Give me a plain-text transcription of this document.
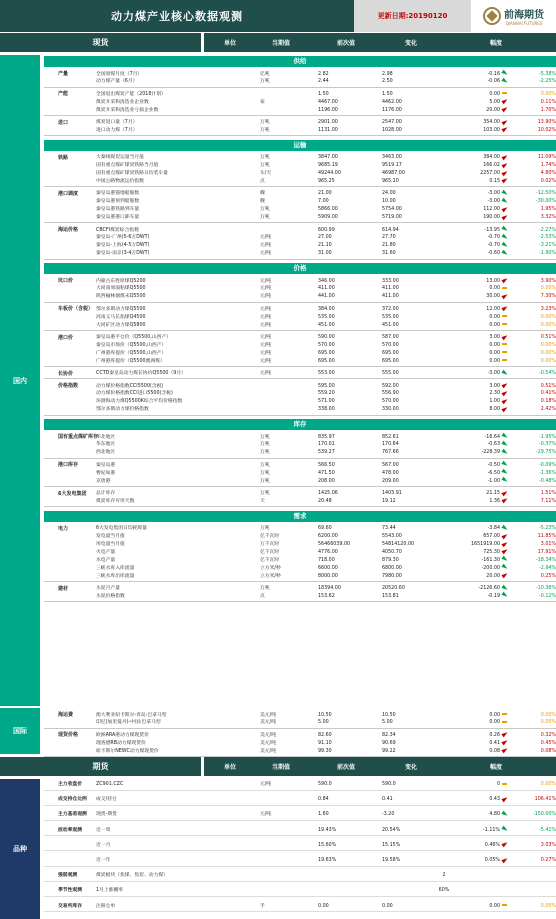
动力煤产业核心数据观测	更新日期:20190120	前海期货
QIANHAI FUTURES
现货	单位	当期值	前次值	变化	幅度
国内
国际
供给
产量	全国原煤月度（7月）	亿吨	2.82	2.98	-0.16	-5.38%
动力煤产量（6月）	万吨	2.44	2.50	-0.06	-2.25%
产能	全国退出煤炭产能（2018计划）	1.50	1.50	0.00	0.00%
煤炭开采和洗选业企业数	家	4467.00	4462.00	5.00	0.11%
煤炭开采和洗选业亏损企业数	1196.00	1176.00	20.00	1.70%
进口	煤炭进口量（7月）	万吨	2901.00	2547.00	354.00	13.90%
进口动力煤（7月）	万吨	1131.00	1028.00	103.00	10.02%
运输
铁路	大秦线煤炭运量当月值	万吨	3847.00	3463.00	384.00	11.09%
国有重点煤矿煤炭铁路当月值	万吨	9685.19	9519.17	166.02	1.74%
国有重点煤矿煤炭铁路日均装车量	车/天	49244.00	46987.00	2257.00	4.80%
中国公路物流运价指数	点	965.25	965.10	0.15	0.02%
港口调度	秦皇岛港锚地船舶数	艘	21.00	24.00	-3.00	-12.50%
秦皇岛港预到船舶数	艘	7.00	10.00	-3.00	-30.00%
秦皇岛港铁路到车量	万吨	5866.00	5754.00	112.00	1.95%
秦皇岛港港口卸车量	万吨	5909.00	5719.00	190.00	3.32%
海运价格	CBCFI煤炭综合指数	600.99	614.94	-13.95	-2.27%
秦皇岛-广州(5-6万DWT)	元/吨	27.00	27.70	-0.70	-2.53%
秦皇岛-上海(4-5万DWT)	元/吨	21.10	21.80	-0.70	-3.21%
秦皇岛-南京(3-4万DWT)	元/吨	31.00	31.60	-0.60	-1.90%
价格
坑口价	内蒙古东胜原煤Q5200	元/吨	346.00	333.00	13.00	3.90%
大同南郊弱粘煤Q5500	元/吨	411.00	411.00	0.00	0.00%
陕西榆林烟煤末Q5500	元/吨	441.00	411.00	30.00	7.30%
车板价（含税） 鄂尔多斯动力煤Q5500	元/吨	384.00	372.00	12.00	3.23%
河南义马长焰煤Q4500	元/吨	535.00	535.00	0.00	0.00%
大同矿区动力煤Q5800	元/吨	451.00	451.00	0.00	0.00%
港口价	秦皇岛港平仓价（Q5500,山西产）	元/吨	590.00	587.00	3.00	0.51%
秦皇岛市场价（Q5500,山西产）	元/吨	570.00	570.00	0.00	0.00%
广州港库提价（Q5500,山西产）	元/吨	695.00	695.00	0.00	0.00%
广州港库提价（Q5500澳洲煤）	元/吨	695.00	695.00	0.00	0.00%
长协价	CCTD秦皇岛动力煤长协价Q5500（9月）	元/吨	553.00	555.00	-3.00	-0.54%
价格指数	动力煤价格指数CCI5500(含税)	595.00	592.00	3.00	0.51%
动力煤价格指数CCI进口5500(含税)	559.20	556.90	2.30	0.41%
环渤海动力煤Q5500K综合平均价格指数	571.00	570.00	1.00	0.18%
鄂尔多斯动力煤价格指数	338.00	330.00	8.00	2.42%
库存
国有重点煤矿库存
华北地区	万吨	835.97	852.61	-16.64	-1.95%
华东地区	万吨	170.01	170.64	-0.63	-0.37%
西北地区	万吨	539.27	767.66	-228.39	-29.75%
港口库存	秦皇岛港	万吨	566.50	567.00	-0.50	-0.09%
曹妃甸港	万吨	471.50	478.00	-6.50	-1.36%
京唐港	万吨	208.00	209.00	-1.00	-0.48%
6大发电集团 总计库存	万吨	1425.06	1403.91	21.15	1.51%
煤炭库存可用天数	天	20.48	19.12	1.36	7.11%
需求
电力	6大发电集团日均耗煤量	万吨	69.60	73.44	-3.84	-5.23%
发电量当月值	亿千瓦时	6200.00	5543.00	657.00	11.85%
用电量当月值	万千瓦时	56466039.00	54814120.00	1651919.00	3.01%
火电产量	亿千瓦时	4776.00	4050.70	725.30	17.91%
水电产量	亿千瓦时	718.00	879.30	-161.30	-18.34%
三峡水库入库流量	立方米/秒	6600.00	6800.00	-200.00	-2.94%
三峡水库出库流量	立方米/秒	8000.00	7980.00	20.00	0.25%
建材	水泥月产量	万吨	18394.00	20520.60	-2126.60	-10.36%
水泥价格指数	点	153.62	153.81	-0.19	-0.12%
海运费	澳大利亚纽卡斯尔-青岛:巴拿马型	美元/吨	10.50	10.50	0.00	0.00%
印尼(加里曼丹)-中国:巴拿马型	美元/吨	5.00	5.00	0.00	0.00%
现货价格	欧洲ARA港动力煤现货价	美元/吨	82.60	82.34	0.26	0.32%
理查德RB动力煤现货价	美元/吨	91.10	90.69	0.41	0.45%
纽卡斯尔NEWC动力煤现货价	美元/吨	99.30	99.22	0.08	0.08%
期货	单位	当期值	前次值	变化	幅度
品种
主力收盘价	ZC901.CZC	元/吨	590.0	590.0	0	0.00%
成交持仓比例 成交/持仓	0.84	0.41	0.43	106.41%
主力基差观测 现货-期货	元/吨	1.60	-3.20	4.80	-150.00%
波动率观测	近一周	19.43%	20.54%	-1.11%	-5.41%
近一月	15.60%	15.15%	0.46%	3.03%
近一年	19.63%	19.58%	0.05%	0.27%
强弱观测	煤炭板块（焦煤、焦炭、动力煤）	2
季节性观测	1月上涨概率	60%
交易所库存	注册仓单	手	0.00	0.00	0.00	0.00%
